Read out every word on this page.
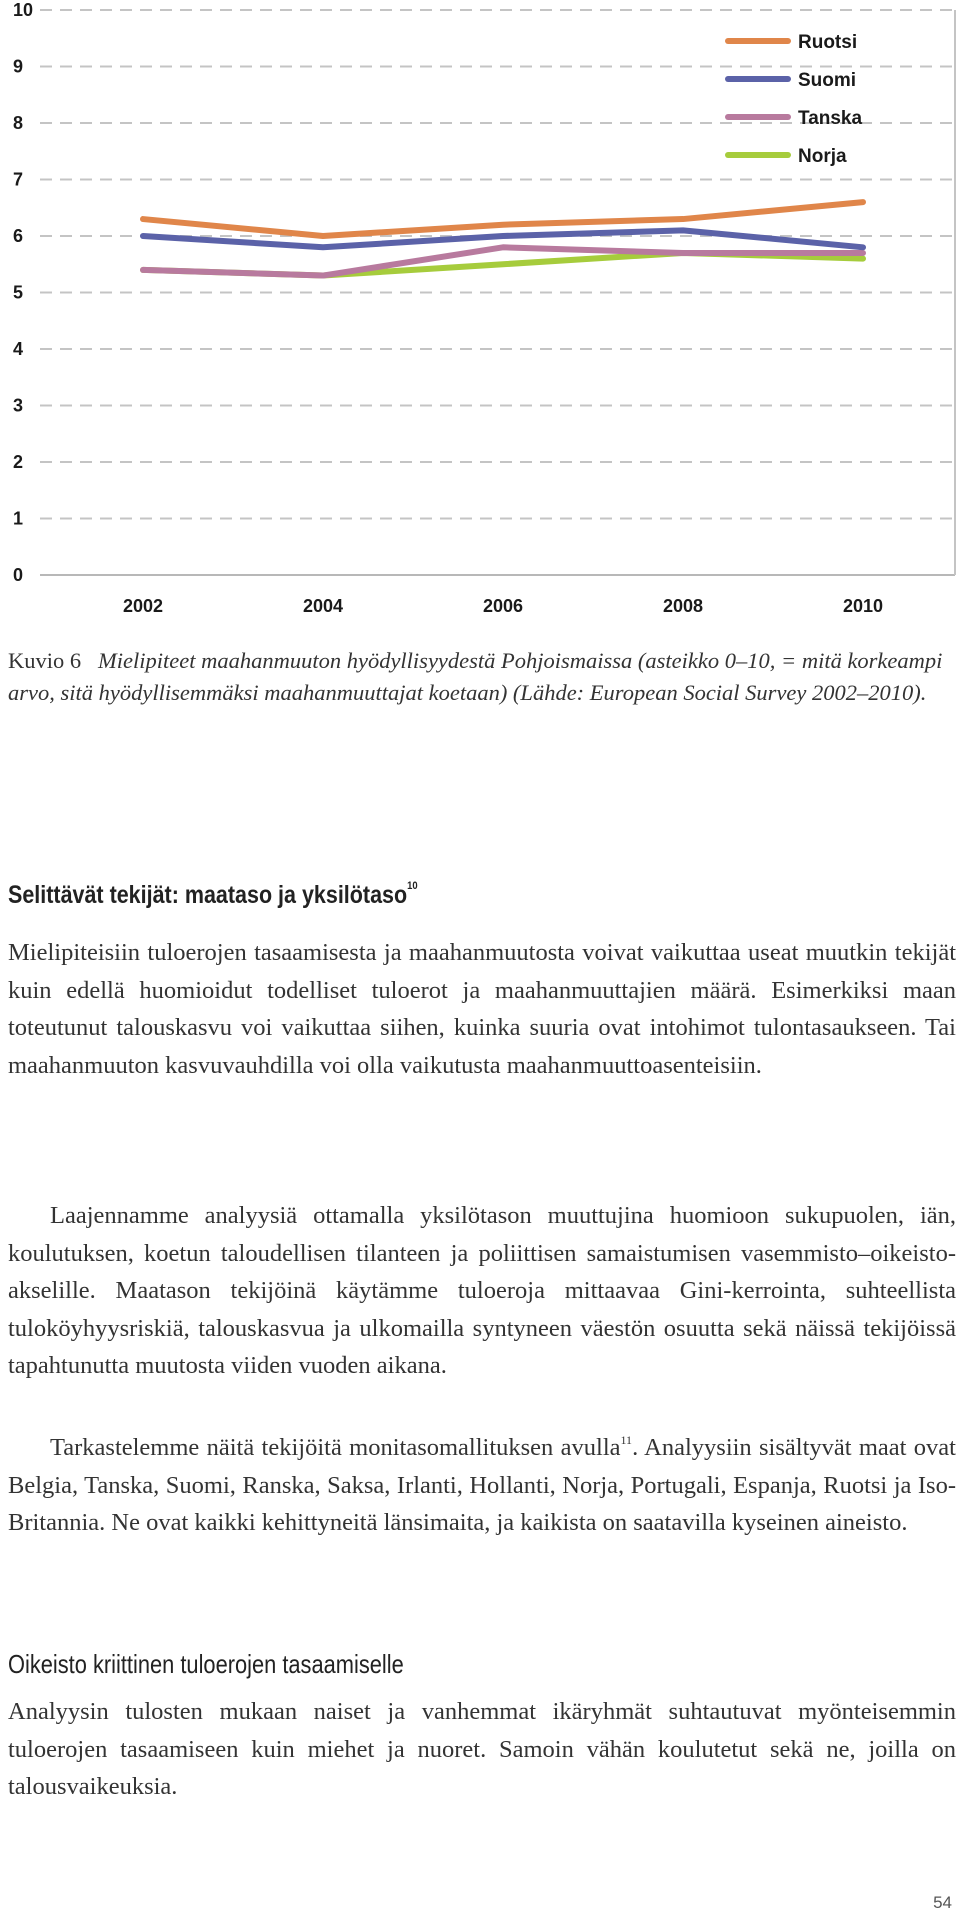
0
1
2
3
4
5
6
7
8
9
10
2002	2004	2006	2008	2010
Ruotsi
Suomi
Tanska
Norja
Kuvio 6 Mielipiteet maahanmuuton hyödyllisyydestä Pohjoismaissa (asteikko 0–10, = mitä korkeampi arvo, sitä hyödyllisemmäksi maahanmuuttajat koetaan) (Lähde: European Social Survey 2002–2010).
Selittävät tekijät: maataso ja yksilötaso$^{10}$

Mielipiteisiin tuloerojen tasaamisesta ja maahanmuutosta voivat vaikuttaa useat muutkin tekijät kuin edellä huomioidut todelliset tuloerot ja maahanmuuttajien määrä. Esimerkiksi maan toteutunut talouskasvu voi vaikuttaa siihen, kuinka suuria ovat intohimot tulontasaukseen. Tai maahanmuuton kasvuvauhdilla voi olla vaikutusta maahanmuuttoasenteisiin.

Laajennamme analyysiä ottamalla yksilötason muuttujina huomioon sukupuolen, iän, koulutuksen, koetun taloudellisen tilanteen ja poliittisen samaistumisen vasemmisto–oikeisto-akselille. Maatason tekijöinä käytämme tuloeroja mittaavaa Gini-kerrointa, suhteellista tuloköyhyysriskiä, talouskasvua ja ulkomailla syntyneen väestön osuutta sekä näissä tekijöissä tapahtunutta muutosta viiden vuoden aikana.

Tarkastelemme näitä tekijöitä monitasomallituksen avulla$^{11}$. Analyysiin sisältyvät maat ovat Belgia, Tanska, Suomi, Ranska, Saksa, Irlanti, Hollanti, Norja, Portugali, Espanja, Ruotsi ja Iso-Britannia. Ne ovat kaikki kehittyneitä länsimaita, ja kaikista on saatavilla kyseinen aineisto.

Oikeisto kriittinen tuloerojen tasaamiselle

Analyysin tulosten mukaan naiset ja vanhemmat ikäryhmät suhtautuvat myönteisemmin tuloerojen tasaamiseen kuin miehet ja nuoret. Samoin vähän koulutetut sekä ne, joilla on talousvaikeuksia.

54
